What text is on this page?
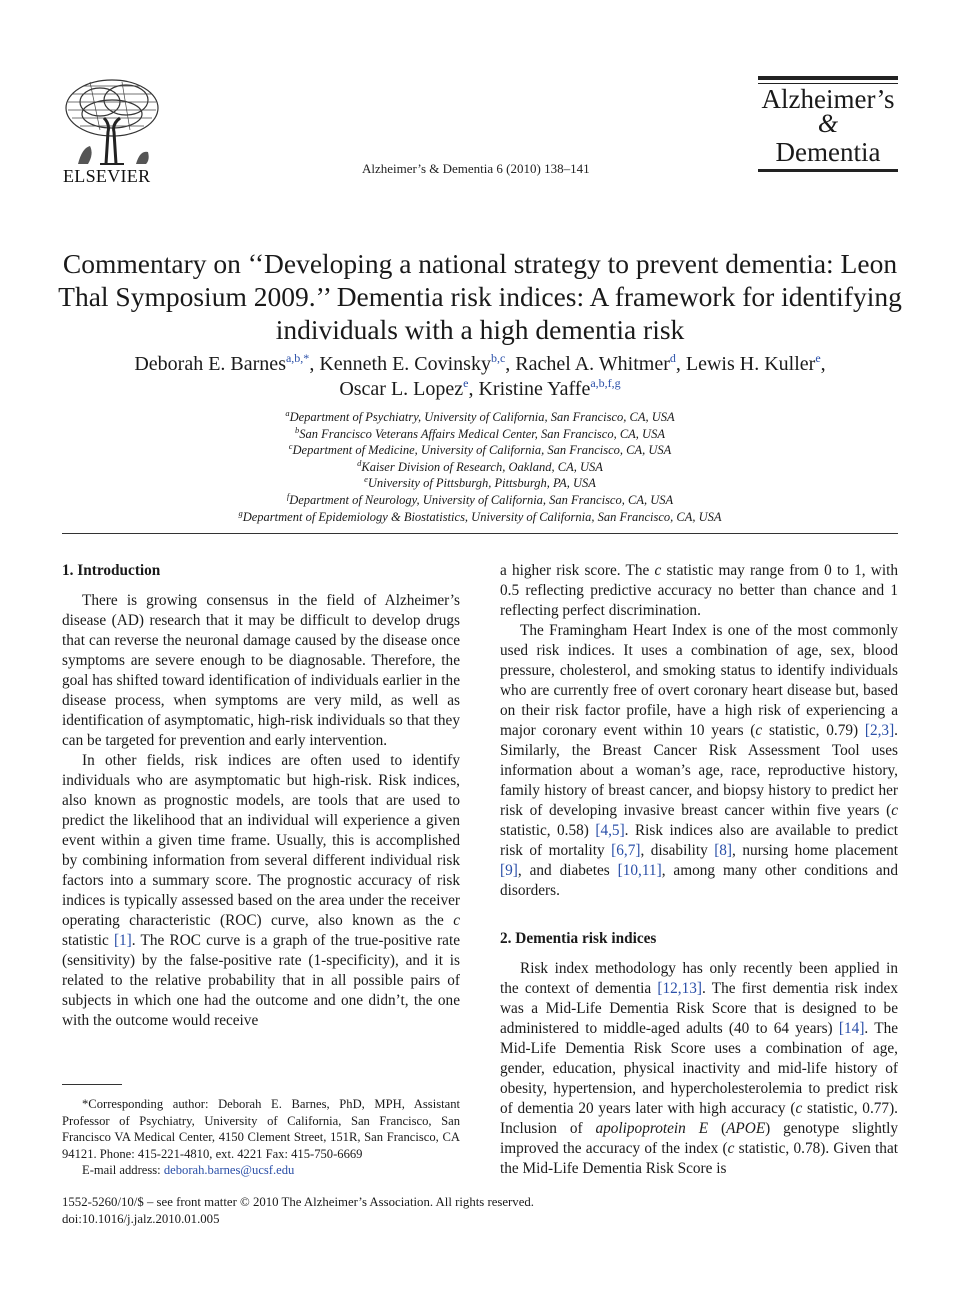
ELSEVIER	Alzheimer’s & Dementia 6 (2010) 138–141
Alzheimer’s
&
Dementia
Commentary on ‘‘Developing a national strategy to prevent dementia: Leon Thal Symposium 2009.’’ Dementia risk indices: A framework for identifying individuals with a high dementia risk
Deborah E. Barnes$^{a,b,*}$, Kenneth E. Covinsky$^{b,c}$, Rachel A. Whitmer$^d$, Lewis H. Kuller$^e$,
Oscar L. Lopez$^e$, Kristine Yaffe$^{a,b,f,g}$
$^a$Department of Psychiatry, University of California, San Francisco, CA, USA
$^b$San Francisco Veterans Affairs Medical Center, San Francisco, CA, USA
$^c$Department of Medicine, University of California, San Francisco, CA, USA
$^d$Kaiser Division of Research, Oakland, CA, USA
$^e$University of Pittsburgh, Pittsburgh, PA, USA
$^f$Department of Neurology, University of California, San Francisco, CA, USA
$^g$Department of Epidemiology & Biostatistics, University of California, San Francisco, CA, USA
1. Introduction

There is growing consensus in the field of Alzheimer’s disease (AD) research that it may be difficult to develop drugs that can reverse the neuronal damage caused by the disease once symptoms are severe enough to be diagnosable. Therefore, the goal has shifted toward identification of individuals earlier in the disease process, when symptoms are very mild, as well as identification of asymptomatic, high-risk individuals so that they can be targeted for prevention and early intervention.

In other fields, risk indices are often used to identify individuals who are asymptomatic but high-risk. Risk indices, also known as prognostic models, are tools that are used to predict the likelihood that an individual will experience a given event within a given time frame. Usually, this is accomplished by combining information from several different individual risk factors into a summary score. The prognostic accuracy of risk indices is typically assessed based on the area under the receiver operating characteristic (ROC) curve, also known as the c statistic [1]. The ROC curve is a graph of the true-positive rate (sensitivity) by the false-positive rate (1-specificity), and it is related to the relative probability that in all possible pairs of subjects in which one had the outcome and one didn’t, the one with the outcome would receive

a higher risk score. The c statistic may range from 0 to 1, with 0.5 reflecting predictive accuracy no better than chance and 1 reflecting perfect discrimination.

The Framingham Heart Index is one of the most commonly used risk indices. It uses a combination of age, sex, blood pressure, cholesterol, and smoking status to identify individuals who are currently free of overt coronary heart disease but, based on their risk factor profile, have a high risk of experiencing a major coronary event within 10 years (c statistic, 0.79) [2,3]. Similarly, the Breast Cancer Risk Assessment Tool uses information about a woman’s age, race, reproductive history, family history of breast cancer, and biopsy history to predict her risk of developing invasive breast cancer within five years (c statistic, 0.58) [4,5]. Risk indices also are available to predict risk of mortality [6,7], disability [8], nursing home placement [9], and diabetes [10,11], among many other conditions and disorders.

2. Dementia risk indices

Risk index methodology has only recently been applied in the context of dementia [12,13]. The first dementia risk index was a Mid-Life Dementia Risk Score that is designed to be administered to middle-aged adults (40 to 64 years) [14]. The Mid-Life Dementia Risk Score uses a combination of age, gender, education, physical inactivity and mid-life history of obesity, hypertension, and hypercholesterolemia to predict risk of dementia 20 years later with high accuracy (c statistic, 0.77). Inclusion of apolipoprotein E (APOE) genotype slightly improved the accuracy of the index (c statistic, 0.78). Given that the Mid-Life Dementia Risk Score is

*Corresponding author: Deborah E. Barnes, PhD, MPH, Assistant Professor of Psychiatry, University of California, San Francisco, San Francisco VA Medical Center, 4150 Clement Street, 151R, San Francisco, CA 94121. Phone: 415-221-4810, ext. 4221 Fax: 415-750-6669

E-mail address: deborah.barnes@ucsf.edu

1552-5260/10/$ – see front matter © 2010 The Alzheimer’s Association. All rights reserved.
doi:10.1016/j.jalz.2010.01.005
